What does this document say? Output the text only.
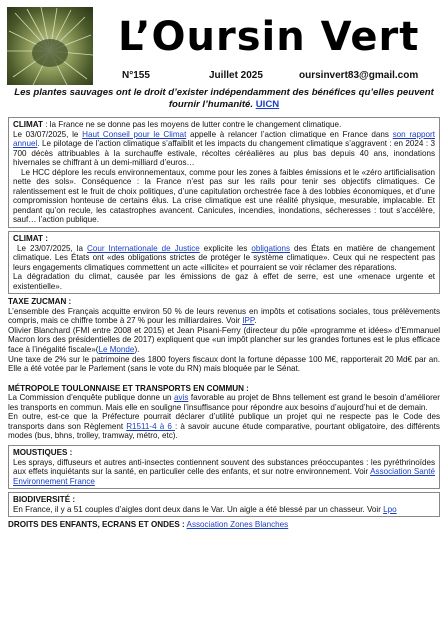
L’Oursin Vert
N°155	Juillet 2025	oursinvert83@gmail.com
Les plantes sauvages ont le droit d’exister indépendamment des bénéfices qu’elles peuvent fournir l’humanité. UICN

CLIMAT : la France ne se donne pas les moyens de lutter contre le changement climatique.

Le 03/07/2025, le Haut Conseil pour le Climat appelle à relancer l’action climatique en France dans son rapport annuel. Le pilotage de l’action climatique s’affaiblit et les impacts du changement climatique s’aggravent : en 2024 : 3 700 décès attribuables à la surchauffe estivale, récoltes céréalières au plus bas depuis 40 ans, inondations hivernales se chiffrant à un demi-milliard d’euros…

Le HCC déplore les reculs environnementaux, comme pour les zones à faibles émissions et le «zéro artificialisation nette des sols». Conséquence : la France n’est pas sur les rails pour tenir ses objectifs climatiques. Ce ralentissement est le fruit de choix politiques, d’une capitulation orchestrée face à des lobbies économiques, et d’une compromission honteuse de certains élus. La crise climatique est une réalité physique, mesurable, implacable. Et pendant qu’on recule, les catastrophes avancent. Canicules, incendies, inondations, sécheresses : tout s’accélère, sauf… l’action publique.

CLIMAT :

Le 23/07/2025, la Cour Internationale de Justice explicite les obligations des États en matière de changement climatique. Les États ont «des obligations strictes de protéger le système climatique». Ceux qui ne respectent pas leurs engagements climatiques commettent un acte «illicite» et pourraient se voir réclamer des réparations.

La dégradation du climat, causée par les émissions de gaz à effet de serre, est une «menace urgente et existentielle».

TAXE ZUCMAN :

L’ensemble des Français acquitte environ 50 % de leurs revenus en impôts et cotisations sociales, tous prélèvements compris, mais ce chiffre tombe à 27 % pour les milliardaires. Voir IPP.

Olivier Blanchard (FMI entre 2008 et 2015) et Jean Pisani-Ferry (directeur du pôle «programme et idées» d’Emmanuel Macron lors des présidentielles de 2017) expliquent que «un impôt plancher sur les grandes fortunes est le plus efficace face à l’inégalité fiscale»(Le Monde).

Une taxe de 2% sur le patrimoine des 1800 foyers fiscaux dont la fortune dépasse 100 M€, rapporterait 20 Md€ par an. Elle a été votée par le Parlement (sans le vote du RN) mais bloquée par le Sénat.

MÉTROPOLE TOULONNAISE ET TRANSPORTS EN COMMUN :

La Commission d’enquête publique donne un avis favorable au projet de Bhns tellement est grand le besoin d’améliorer les transports en commun. Mais elle en souligne l’insuffisance pour répondre aux besoins d’aujourd’hui et de demain.

En outre, est-ce que la Préfecture pourrait déclarer d’utilité publique un projet qui ne respecte pas le Code des transports dans son Règlement R1511-4 à 6 : à savoir aucune étude comparative, pourtant obligatoire, des différents modes (bus, bhns, trolley, tramway, métro, etc).

MOUSTIQUES :

Les sprays, diffuseurs et autres anti-insectes contiennent souvent des substances préoccupantes : les pyréthrinoïdes aux effets inquiétants sur la santé, en particulier celle des enfants, et sur notre environnement. Voir Association Santé Environnement France

BIODIVERSITÉ :

En France, il y a 51 couples d’aigles dont deux dans le Var. Un aigle a été blessé par un chasseur. Voir Lpo

DROITS DES ENFANTS, ECRANS ET ONDES : Association Zones Blanches
